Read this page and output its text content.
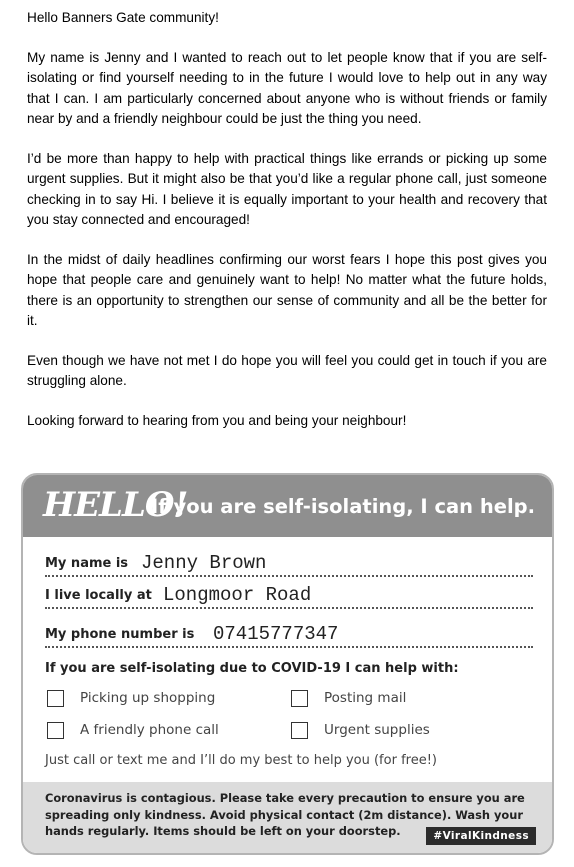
Hello Banners Gate community!

My name is Jenny and I wanted to reach out to let people know that if you are self-isolating or find yourself needing to in the future I would love to help out in any way that I can. I am particularly concerned about anyone who is without friends or family near by and a friendly neighbour could be just the thing you need.

I’d be more than happy to help with practical things like errands or picking up some urgent supplies. But it might also be that you’d like a regular phone call, just someone checking in to say Hi. I believe it is equally important to your health and recovery that you stay connected and encouraged!

In the midst of daily headlines confirming our worst fears I hope this post gives you hope that people care and genuinely want to help! No matter what the future holds, there is an opportunity to strengthen our sense of community and all be the better for it.

Even though we have not met I do hope you will feel you could get in touch if you are struggling alone.

Looking forward to hearing from you and being your neighbour!

HELLO!
If you are self-isolating, I can help.
My name is Jenny Brown
I live locally at Longmoor Road
My phone number is 07415777347
If you are self-isolating due to COVID-19 I can help with:
Picking up shopping	Posting mail
A friendly phone call	Urgent supplies
Just call or text me and I’ll do my best to help you (for free!)
Coronavirus is contagious. Please take every precaution to ensure you are
spreading only kindness. Avoid physical contact (2m distance). Wash your
hands regularly. Items should be left on your doorstep.	#ViralKindness
